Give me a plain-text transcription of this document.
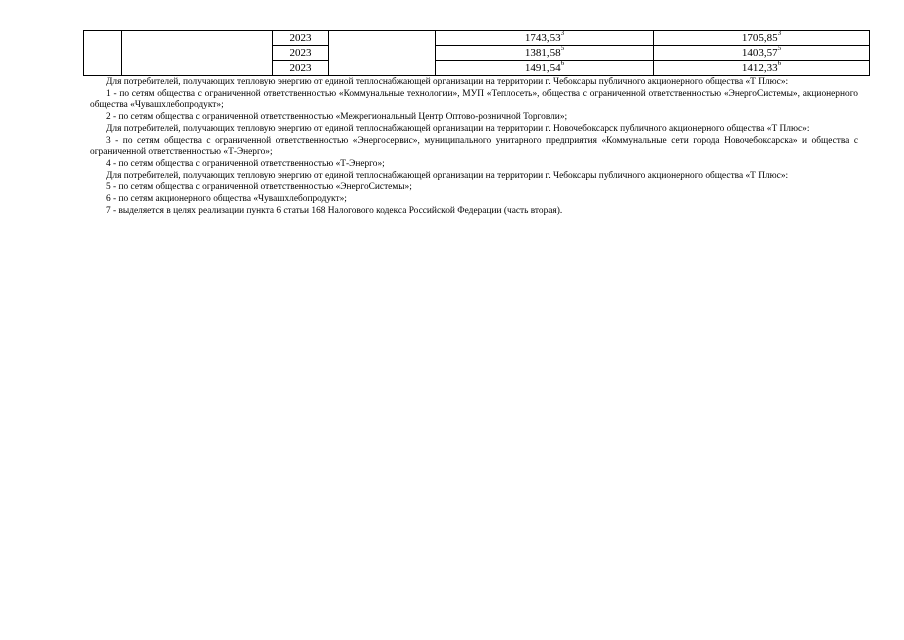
		2023		1743,53$^3$	1705,85$^3$
		2023		1381,58$^5$	1403,57$^5$
		2023		1491,54$^6$	1412,33$^6$

Для потребителей, получающих тепловую энергию от единой теплоснабжающей организации на территории г. Чебоксары публичного акционерного общества «Т Плюс»:

1 - по сетям общества с ограниченной ответственностью «Коммунальные технологии», МУП «Теплосеть», общества с ограниченной ответственностью «ЭнергоСистемы», акционерного общества «Чувашхлебопродукт»;

2 - по сетям общества с ограниченной ответственностью «Межрегиональный Центр Оптово-розничной Торговли»;

Для потребителей, получающих тепловую энергию от единой теплоснабжающей организации на территории г. Новочебоксарск публичного акционерного общества «Т Плюс»:

3 - по сетям общества с ограниченной ответственностью «Энергосервис», муниципального унитарного предприятия «Коммунальные сети города Новочебоксарска» и общества с ограниченной ответственностью «Т-Энерго»;

4 - по сетям общества с ограниченной ответственностью «Т-Энерго»;

Для потребителей, получающих тепловую энергию от единой теплоснабжающей организации на территории г. Чебоксары публичного акционерного общества «Т Плюс»:

5 - по сетям общества с ограниченной ответственностью «ЭнергоСистемы»;

6 - по сетям акционерного общества «Чувашхлебопродукт»;

7 - выделяется в целях реализации пункта 6 статьи 168 Налогового кодекса Российской Федерации (часть вторая).
